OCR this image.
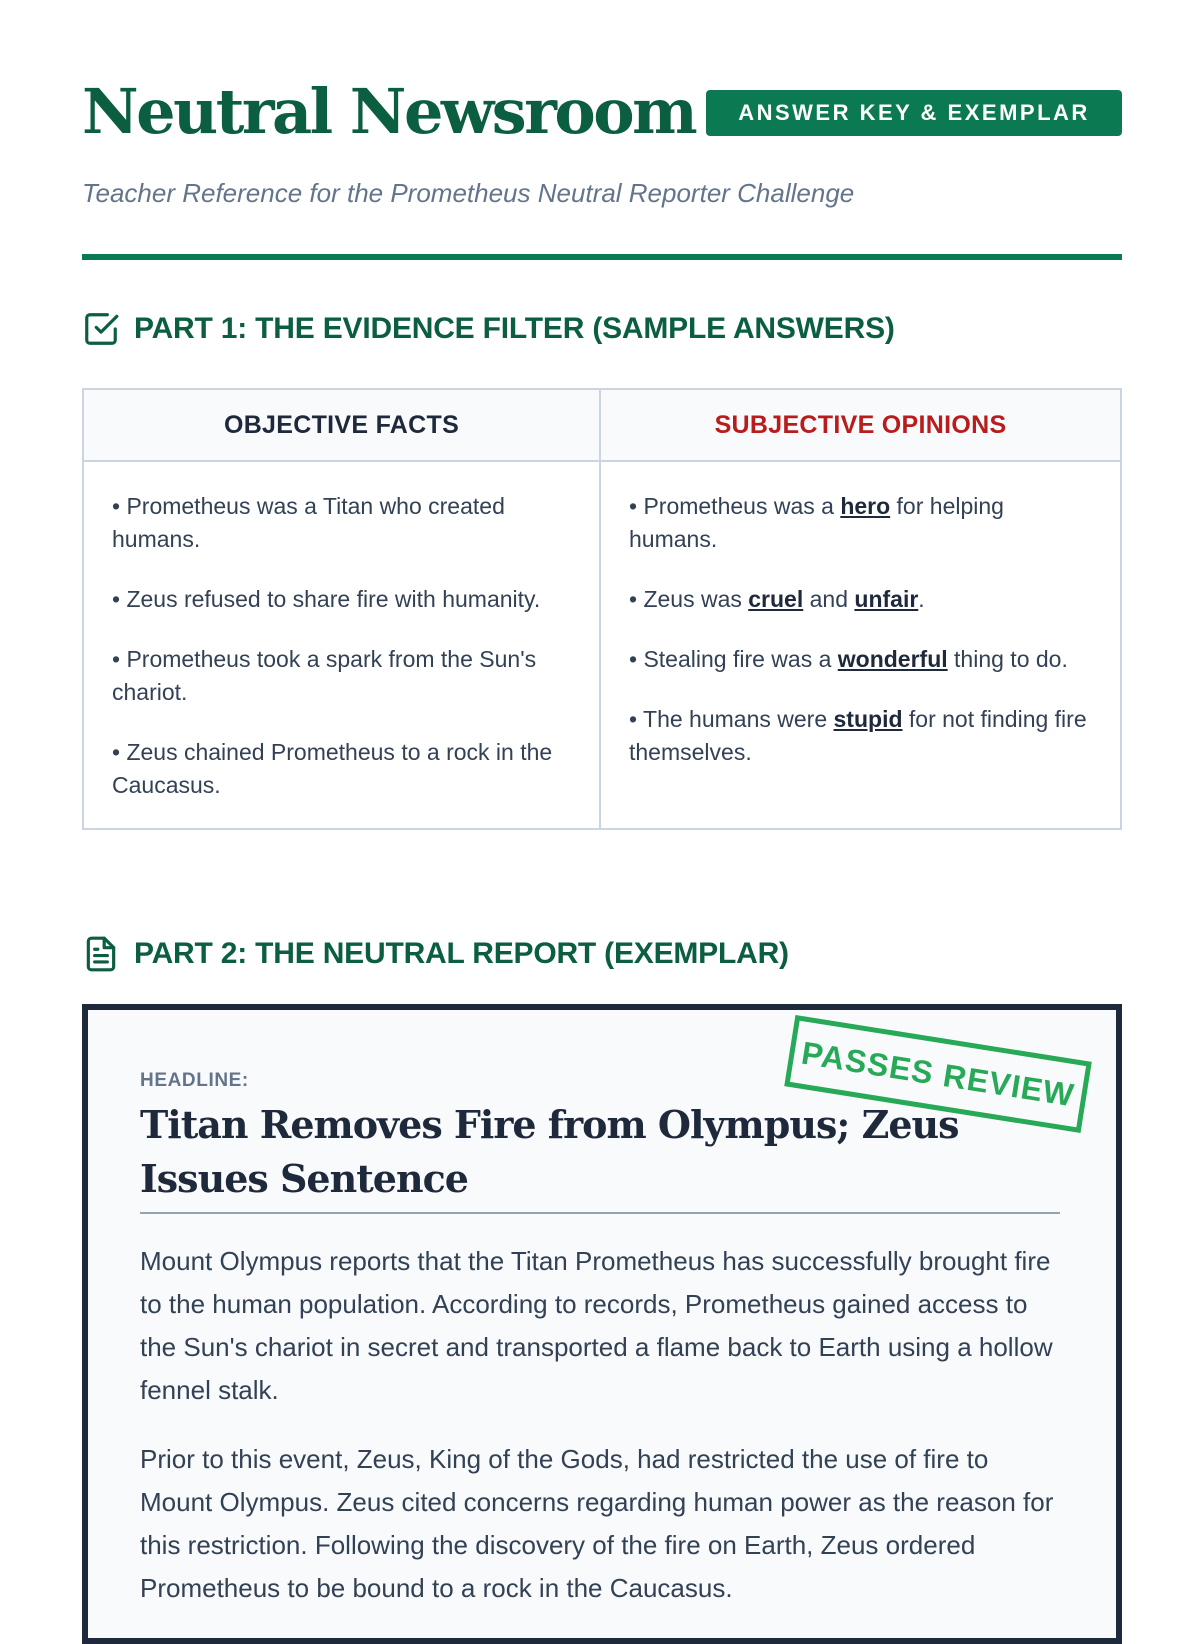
Neutral Newsroom	ANSWER KEY & EXEMPLAR
Teacher Reference for the Prometheus Neutral Reporter Challenge
PART 1: THE EVIDENCE FILTER (SAMPLE ANSWERS)
OBJECTIVE FACTS	SUBJECTIVE OPINIONS

• Prometheus was a Titan who created humans.

• Zeus refused to share fire with humanity.

• Prometheus took a spark from the Sun's chariot.

• Zeus chained Prometheus to a rock in the Caucasus.

• Prometheus was a hero for helping humans.

• Zeus was cruel and unfair.

• Stealing fire was a wonderful thing to do.

• The humans were stupid for not finding fire themselves.

PART 2: THE NEUTRAL REPORT (EXEMPLAR)
HEADLINE:
Titan Removes Fire from Olympus; Zeus Issues Sentence
PASSES REVIEW

Mount Olympus reports that the Titan Prometheus has successfully brought fire to the human population. According to records, Prometheus gained access to the Sun's chariot in secret and transported a flame back to Earth using a hollow fennel stalk.

Prior to this event, Zeus, King of the Gods, had restricted the use of fire to Mount Olympus. Zeus cited concerns regarding human power as the reason for this restriction. Following the discovery of the fire on Earth, Zeus ordered Prometheus to be bound to a rock in the Caucasus.
